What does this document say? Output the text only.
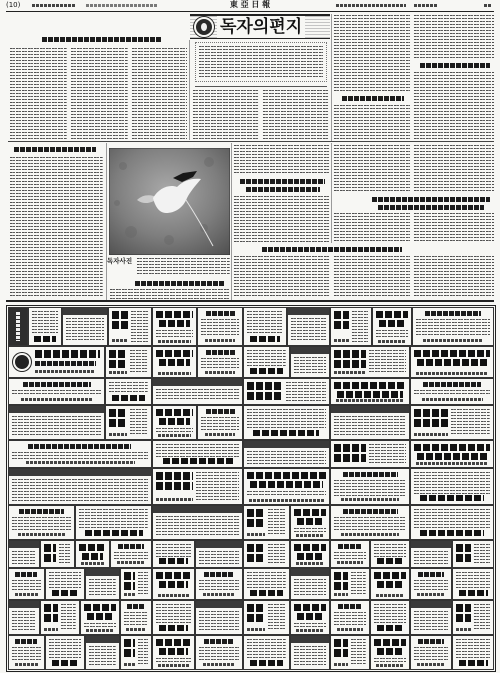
(10)	東 亞 日 報
독자의편지
독자사진
